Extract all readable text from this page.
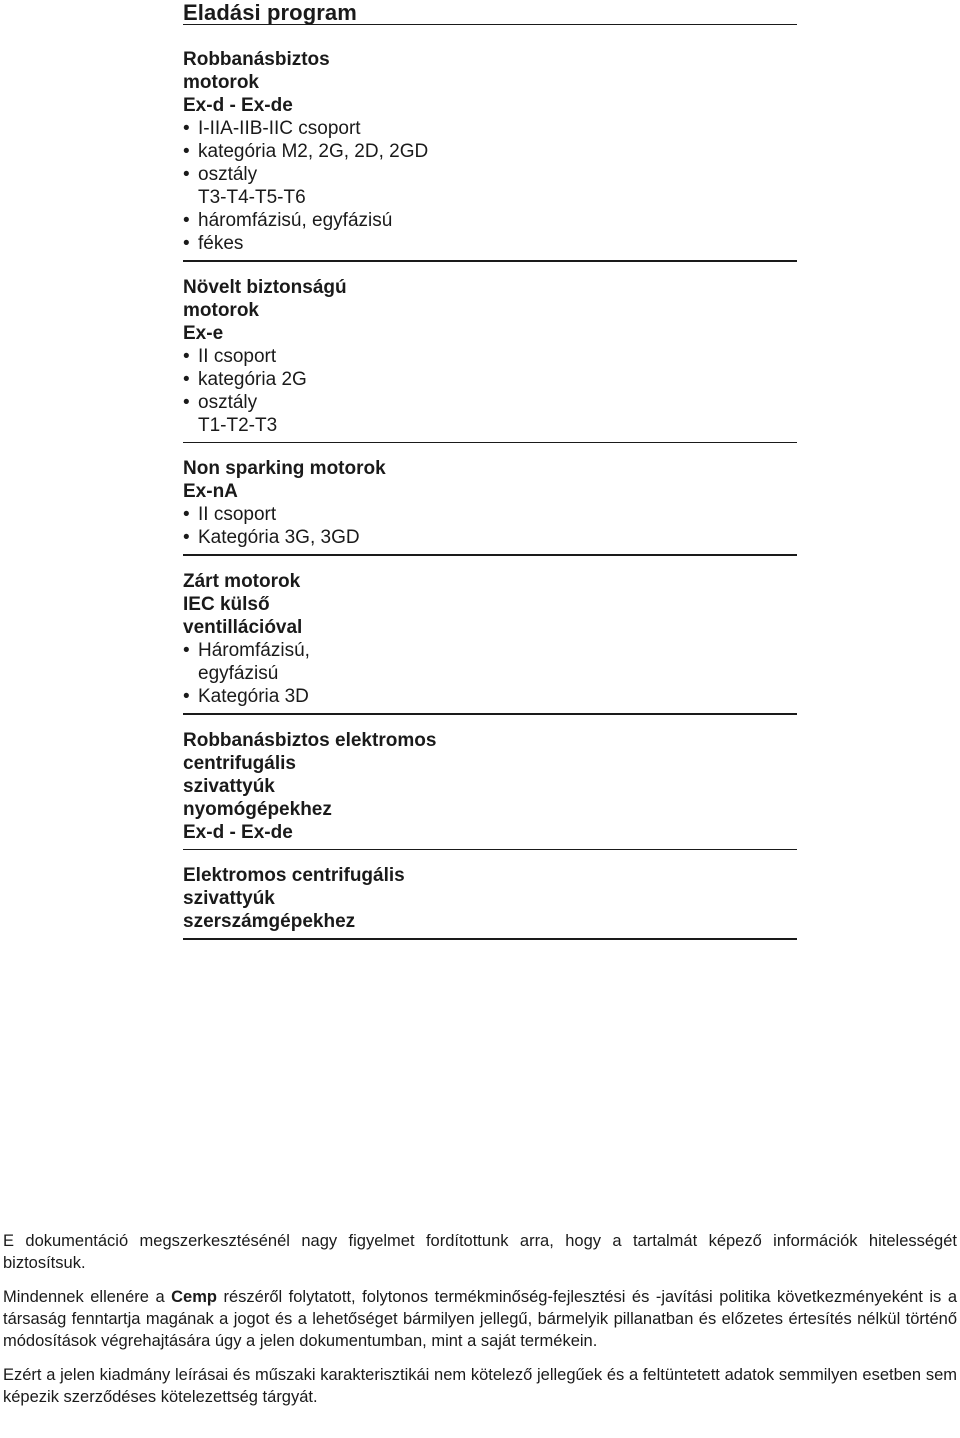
Eladási program
Robbanásbiztos
motorok
Ex-d - Ex-de
• I-IIA-IIB-IIC csoport
• kategória M2, 2G, 2D, 2GD
• osztály
T3-T4-T5-T6
• háromfázisú, egyfázisú
• fékes
Növelt biztonságú
motorok
Ex-e
• II csoport
• kategória 2G
• osztály
T1-T2-T3
Non sparking motorok
Ex-nA
• II csoport
• Kategória 3G, 3GD
Zárt motorok
IEC külső
ventillációval
• Háromfázisú,
egyfázisú
• Kategória 3D
Robbanásbiztos elektromos
centrifugális
szivattyúk
nyomógépekhez
Ex-d - Ex-de
Elektromos centrifugális
szivattyúk
szerszámgépekhez

E dokumentáció megszerkesztésénél nagy figyelmet fordítottunk arra, hogy a tartalmát képező információk hitelességét biztosítsuk.

Mindennek ellenére a Cemp részéről folytatott, folytonos termékminőség-fejlesztési és -javítási politika következményeként is a társaság fenntartja magának a jogot és a lehetőséget bármilyen jellegű, bármelyik pillanatban és előzetes értesítés nélkül történő módosítások végrehajtására úgy a jelen dokumentumban, mint a saját termékein.

Ezért a jelen kiadmány leírásai és műszaki karakterisztikái nem kötelező jellegűek és a feltüntetett adatok semmilyen esetben sem képezik szerződéses kötelezettség tárgyát.
